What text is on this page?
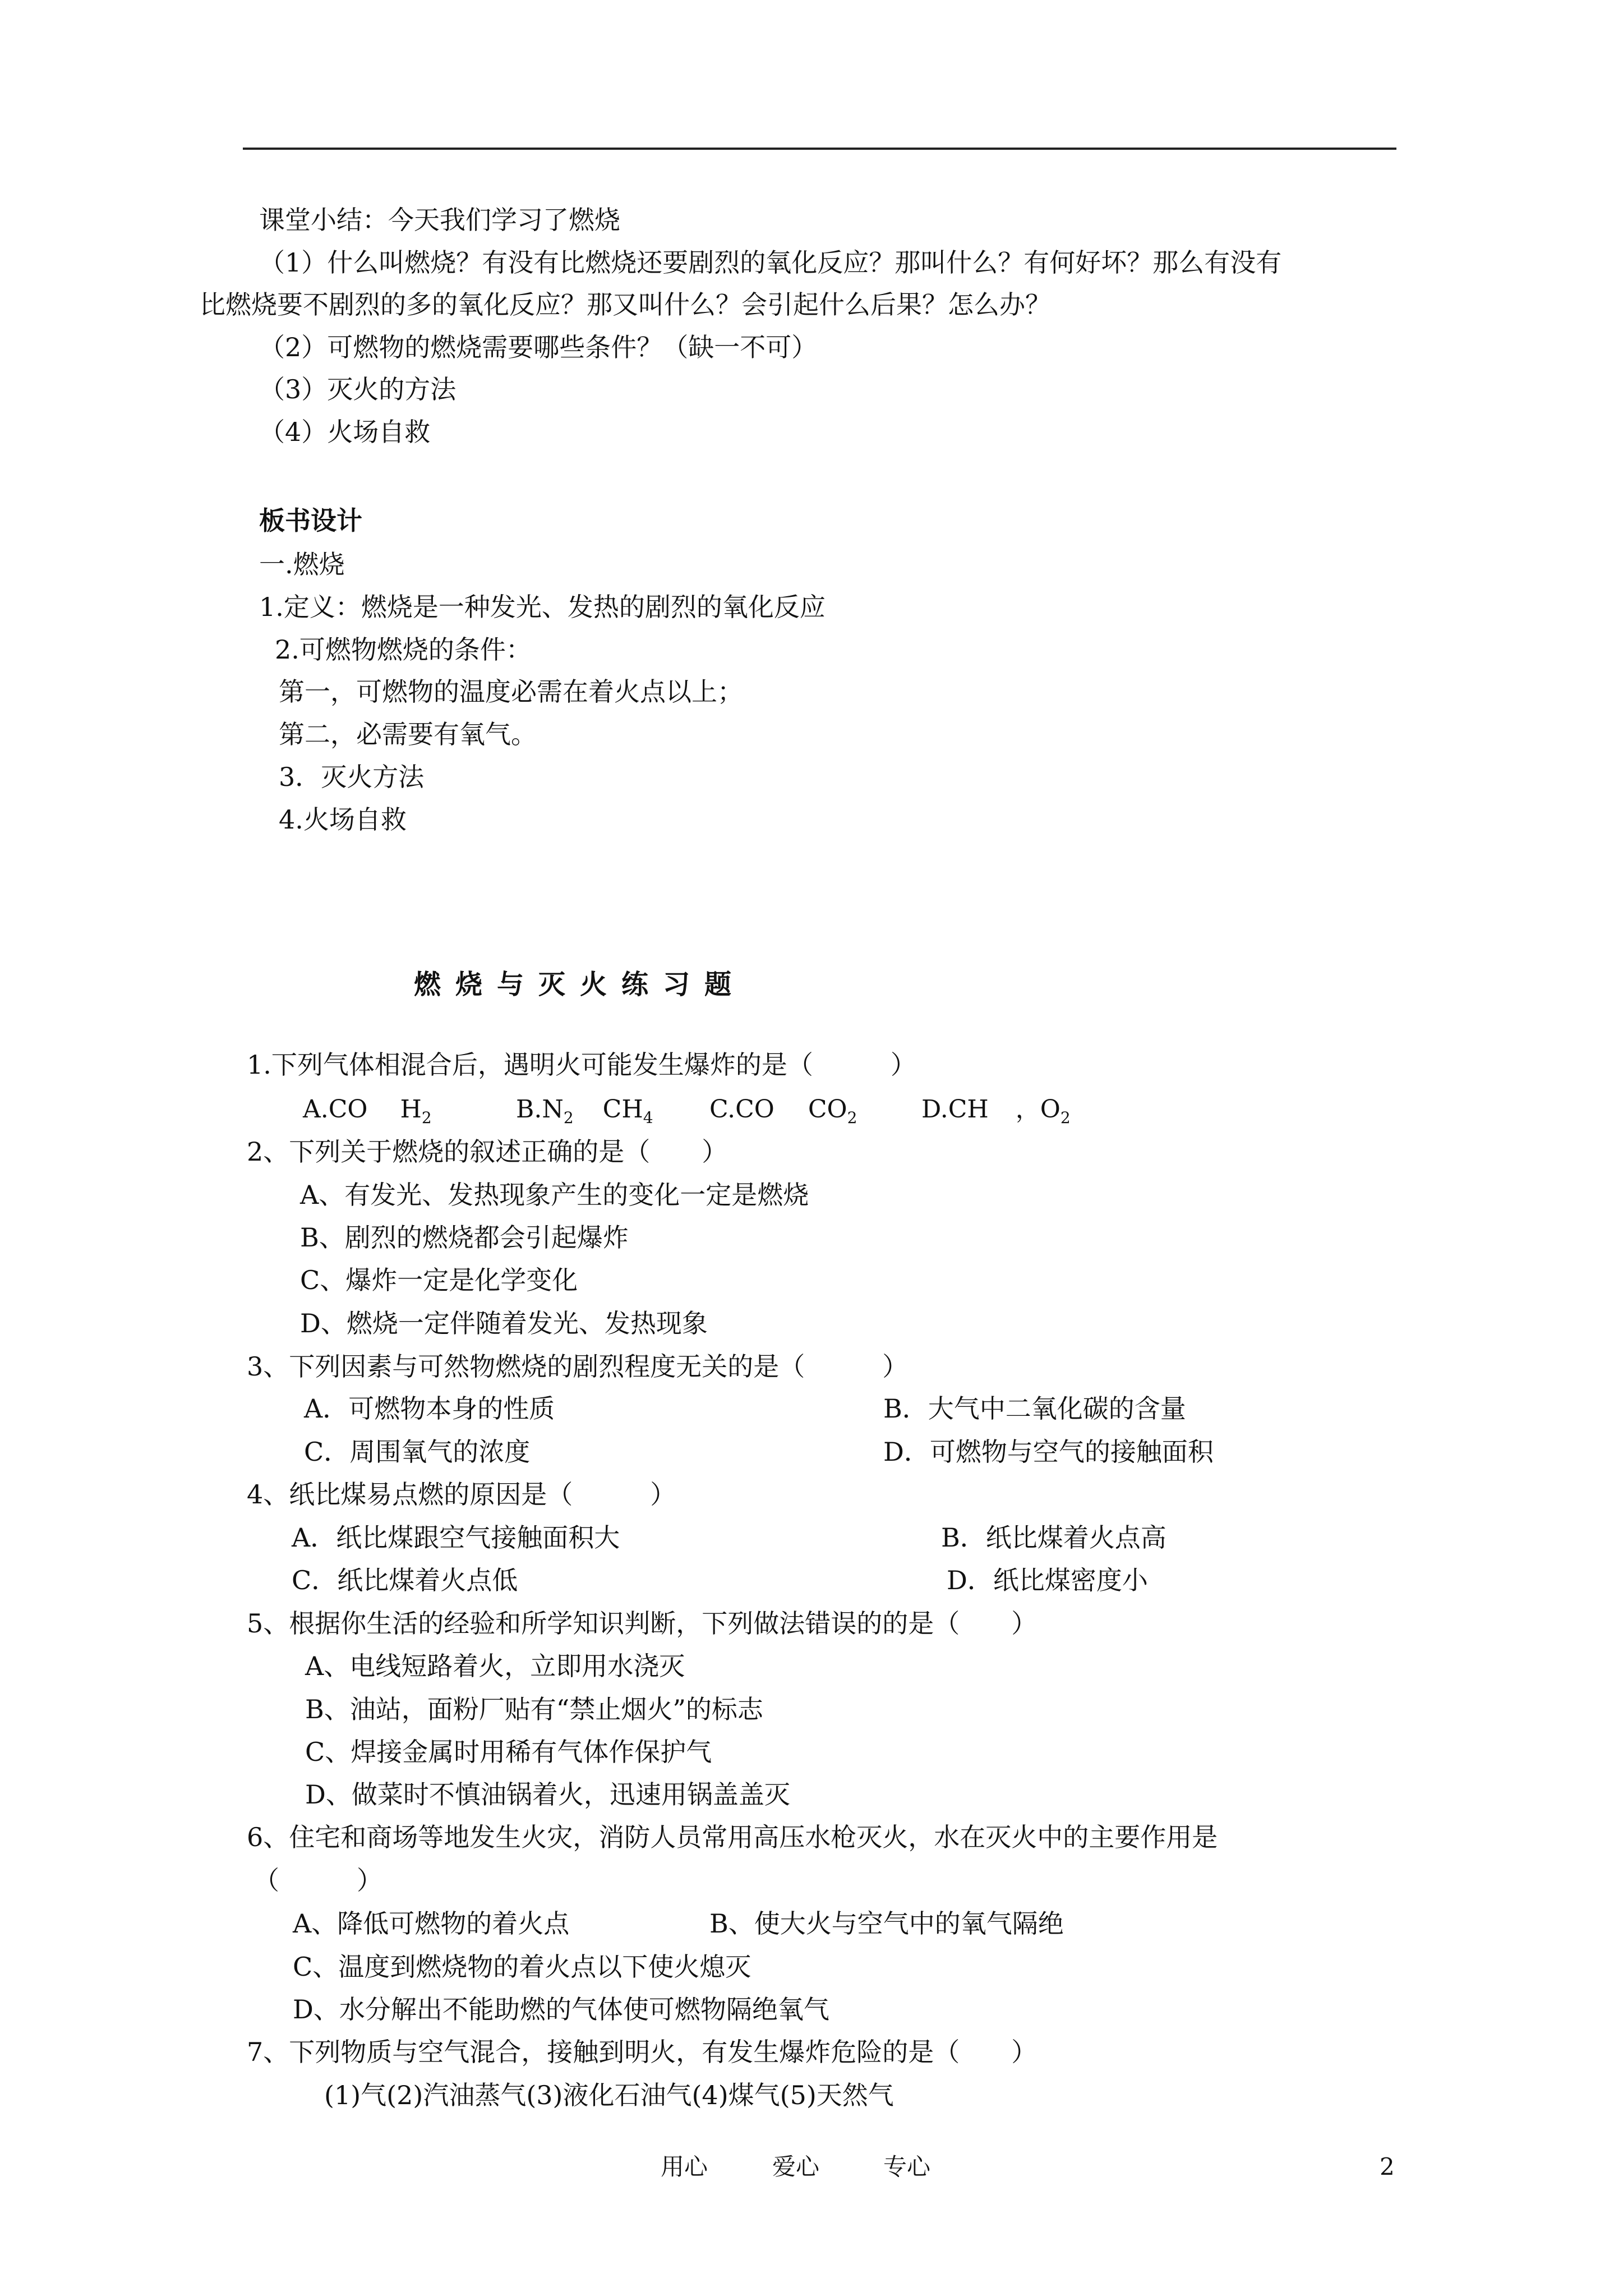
课堂小结：今天我们学习了燃烧
（1）什么叫燃烧？有没有比燃烧还要剧烈的氧化反应？那叫什么？有何好坏？那么有没有
比燃烧要不剧烈的多的氧化反应？那又叫什么？会引起什么后果？怎么办？
（2）可燃物的燃烧需要哪些条件？（缺一不可）
（3）灭火的方法
（4）火场自救
板书设计
一.燃烧
1.定义：燃烧是一种发光、发热的剧烈的氧化反应
2.可燃物燃烧的条件：
第一，可燃物的温度必需在着火点以上；
第二，必需要有氧气。
3．灭火方法
4.火场自救
燃烧与灭火练习题
1.下列气体相混合后，遇明火可能发生爆炸的是（　　　）
A.CO $H_2$	$B.N_2$ $CH_4$ C.CO $CO_2$	D.CH ，$O_2$
2、下列关于燃烧的叙述正确的是（　　）
A、有发光、发热现象产生的变化一定是燃烧
B、剧烈的燃烧都会引起爆炸
C、爆炸一定是化学变化
D、燃烧一定伴随着发光、发热现象
3、下列因素与可然物燃烧的剧烈程度无关的是（　　　）
A．可燃物本身的性质	B．大气中二氧化碳的含量
C．周围氧气的浓度	D．可燃物与空气的接触面积
4、纸比煤易点燃的原因是（　　　）
A．纸比煤跟空气接触面积大	B．纸比煤着火点高
C．纸比煤着火点低	D．纸比煤密度小
5、根据你生活的经验和所学知识判断，下列做法错误的的是（　　）
A、电线短路着火，立即用水浇灭
B、油站，面粉厂贴有“禁止烟火”的标志
C、焊接金属时用稀有气体作保护气
D、做菜时不慎油锅着火，迅速用锅盖盖灭
6、住宅和商场等地发生火灾，消防人员常用高压水枪灭火，水在灭火中的主要作用是
（　　　）
A、降低可燃物的着火点	B、使大火与空气中的氧气隔绝
C、温度到燃烧物的着火点以下使火熄灭
D、水分解出不能助燃的气体使可燃物隔绝氧气
7、下列物质与空气混合，接触到明火，有发生爆炸危险的是（　　）
(1)气(2)汽油蒸气(3)液化石油气(4)煤气(5)天然气
用心	爱心	专心	2
